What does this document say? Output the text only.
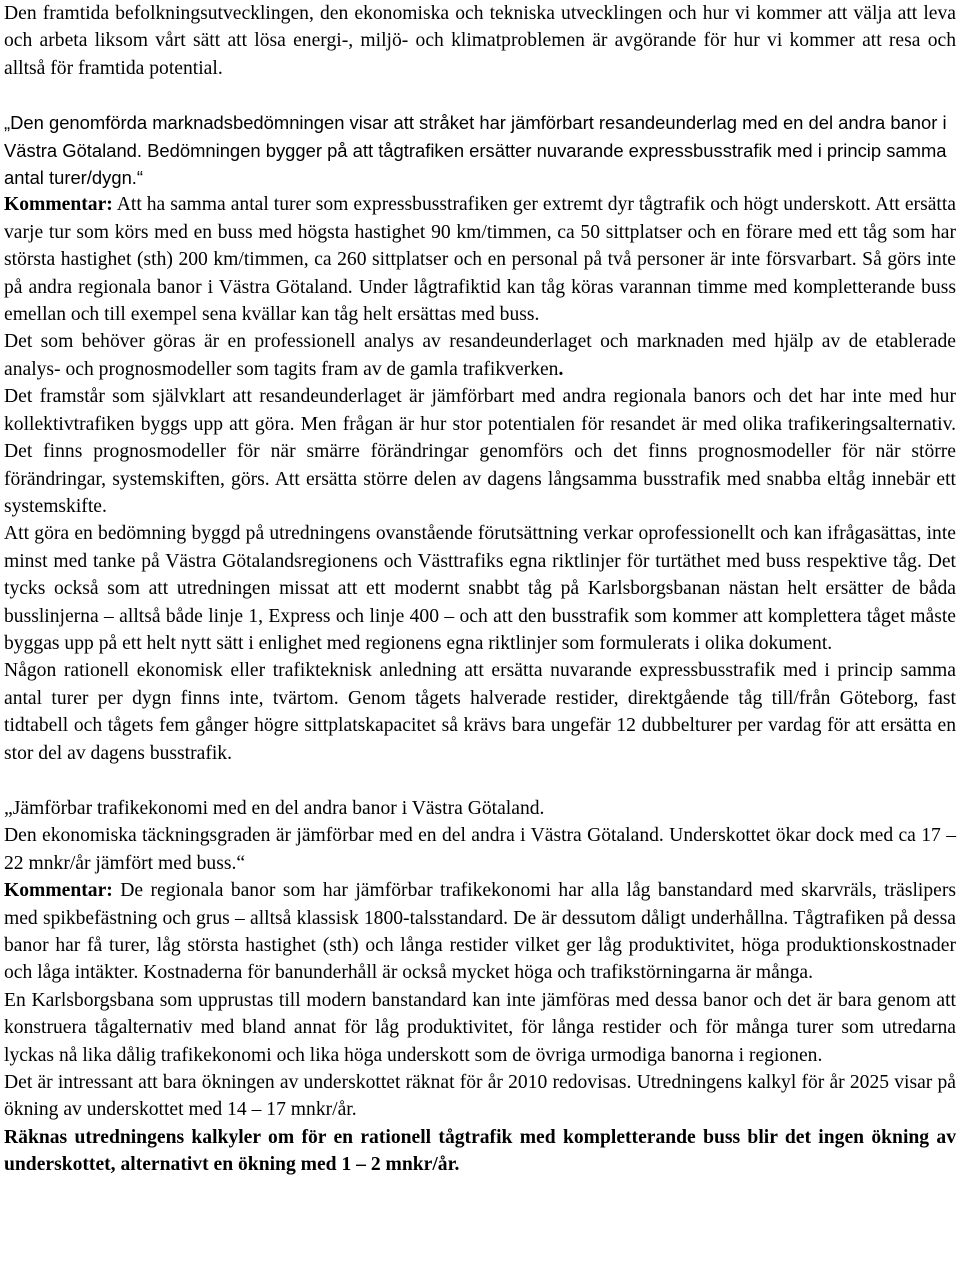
Den framtida befolkningsutvecklingen, den ekonomiska och tekniska utvecklingen och hur vi kommer att välja att leva och arbeta liksom vårt sätt att lösa energi-, miljö- och klimatproblemen är avgörande för hur vi kommer att resa och alltså för framtida potential.

„Den genomförda marknadsbedömningen visar att stråket har jämförbart resandeunderlag med en del andra banor i Västra Götaland. Bedömningen bygger på att tågtrafiken ersätter nuvarande expressbusstrafik med i princip samma antal turer/dygn.“

Kommentar: Att ha samma antal turer som expressbusstrafiken ger extremt dyr tågtrafik och högt underskott. Att ersätta varje tur som körs med en buss med högsta hastighet 90 km/timmen, ca 50 sittplatser och en förare med ett tåg som har största hastighet (sth) 200 km/timmen, ca 260 sittplatser och en personal på två personer är inte försvarbart. Så görs inte på andra regionala banor i Västra Götaland. Under lågtrafiktid kan tåg köras varannan timme med kompletterande buss emellan och till exempel sena kvällar kan tåg helt ersättas med buss.

Det som behöver göras är en professionell analys av resandeunderlaget och marknaden med hjälp av de etablerade analys- och prognosmodeller som tagits fram av de gamla trafikverken.

Det framstår som självklart att resandeunderlaget är jämförbart med andra regionala banors och det har inte med hur kollektivtrafiken byggs upp att göra. Men frågan är hur stor potentialen för resandet är med olika trafikeringsalternativ. Det finns prognosmodeller för när smärre förändringar genomförs och det finns prognosmodeller för när större förändringar, systemskiften, görs. Att ersätta större delen av dagens långsamma busstrafik med snabba eltåg innebär ett systemskifte.

Att göra en bedömning byggd på utredningens ovanstående förutsättning verkar oprofessionellt och kan ifrågasättas, inte minst med tanke på Västra Götalandsregionens och Västtrafiks egna riktlinjer för turtäthet med buss respektive tåg. Det tycks också som att utredningen missat att ett modernt snabbt tåg på Karlsborgsbanan nästan helt ersätter de båda busslinjerna – alltså både linje 1, Express och linje 400 – och att den busstrafik som kommer att komplettera tåget måste byggas upp på ett helt nytt sätt i enlighet med regionens egna riktlinjer som formulerats i olika dokument.

Någon rationell ekonomisk eller trafikteknisk anledning att ersätta nuvarande expressbusstrafik med i princip samma antal turer per dygn finns inte, tvärtom. Genom tågets halverade restider, direktgående tåg till/från Göteborg, fast tidtabell och tågets fem gånger högre sittplatskapacitet så krävs bara ungefär 12 dubbelturer per vardag för att ersätta en stor del av dagens busstrafik.

„Jämförbar trafikekonomi med en del andra banor i Västra Götaland.

Den ekonomiska täckningsgraden är jämförbar med en del andra i Västra Götaland. Underskottet ökar dock med ca 17 – 22 mnkr/år jämfört med buss.“

Kommentar: De regionala banor som har jämförbar trafikekonomi har alla låg banstandard med skarvräls, träslipers med spikbefästning och grus – alltså klassisk 1800-talsstandard. De är dessutom dåligt underhållna. Tågtrafiken på dessa banor har få turer, låg största hastighet (sth) och långa restider vilket ger låg produktivitet, höga produktionskostnader och låga intäkter. Kostnaderna för banunderhåll är också mycket höga och trafikstörningarna är många.

En Karlsborgsbana som upprustas till modern banstandard kan inte jämföras med dessa banor och det är bara genom att konstruera tågalternativ med bland annat för låg produktivitet, för långa restider och för många turer som utredarna lyckas nå lika dålig trafikekonomi och lika höga underskott som de övriga urmodiga banorna i regionen.

Det är intressant att bara ökningen av underskottet räknat för år 2010 redovisas. Utredningens kalkyl för år 2025 visar på ökning av underskottet med 14 – 17 mnkr/år.

Räknas utredningens kalkyler om för en rationell tågtrafik med kompletterande buss blir det ingen ökning av underskottet, alternativt en ökning med 1 – 2 mnkr/år.
